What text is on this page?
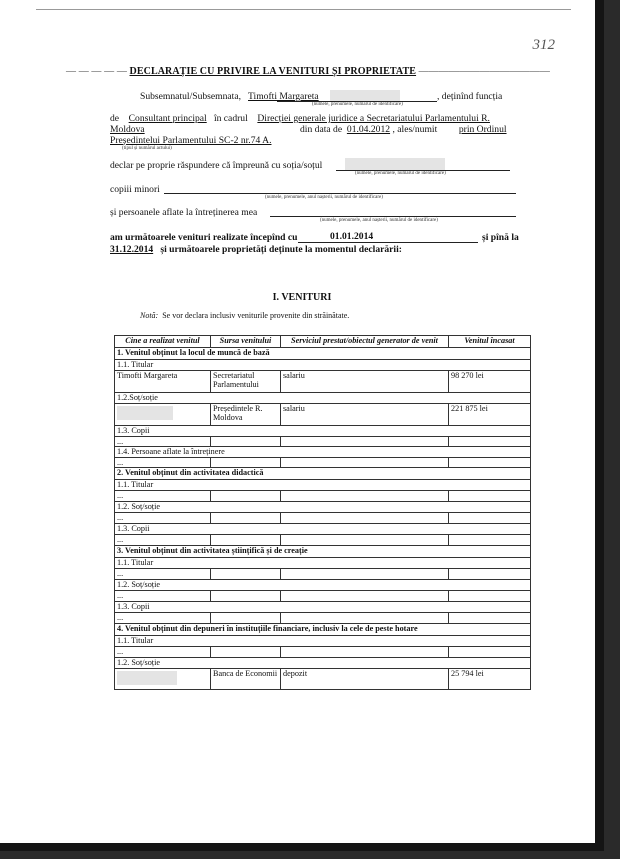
312
— — — — — DECLARAȚIE CU PRIVIRE LA VENITURI ȘI PROPRIETATE —————————————
Subsemnatul/Subsemnata, Timofti Margareta	, deținînd funcția
(numele, prenumele, numărul de identificare)
de Consultant principal în cadrul Direcției generale juridice a Secretariatului Parlamentului R.
Moldova	din data de 01.04.2012 , ales/numit prin Ordinul
Președintelui Parlamentului SC-2 nr.74 A.
(tipul și numărul actului)
declar pe proprie răspundere că împreună cu soția/soțul
(numele, prenumele, numărul de identificare)
copiii minori
(numele, prenumele, anul nașterii, numărul de identificare)
și persoanele aflate la întreținerea mea
(numele, prenumele, anul nașterii, numărul de identificare)
am următoarele venituri realizate începînd cu	01.01.2014	și pînă la
31.12.2014 și următoarele proprietăți deținute la momentul declarării:
I. VENITURI
Notă: Se vor declara inclusiv veniturile provenite din străinătate.
Cine a realizat venitul	Sursa venitului	Serviciul prestat/obiectul generator de venit	Venitul încasat
1. Venitul obținut la locul de muncă de bază			
1.1. Titular			
Timofti Margareta	Secretariatul Parlamentului	salariu	98 270 lei
1.2.Soț/soție			

	Președintele R. Moldova	salariu	221 875 lei
1.3. Copii			
...			
1.4. Persoane aflate la întreținere			
...			
2. Venitul obținut din activitatea didactică			
1.1. Titular			
...			
1.2. Soț/soție			
...			
1.3. Copii			
...			
3. Venitul obținut din activitatea științifică și de creație			
1.1. Titular			
...			
1.2. Soț/soție			
...			
1.3. Copii			
...			
4. Venitul obținut din depuneri în instituțiile financiare, inclusiv la cele de peste hotare			
1.1. Titular			
...			
1.2. Soț/soție			

	Banca de Economii	depozit	25 794 lei
